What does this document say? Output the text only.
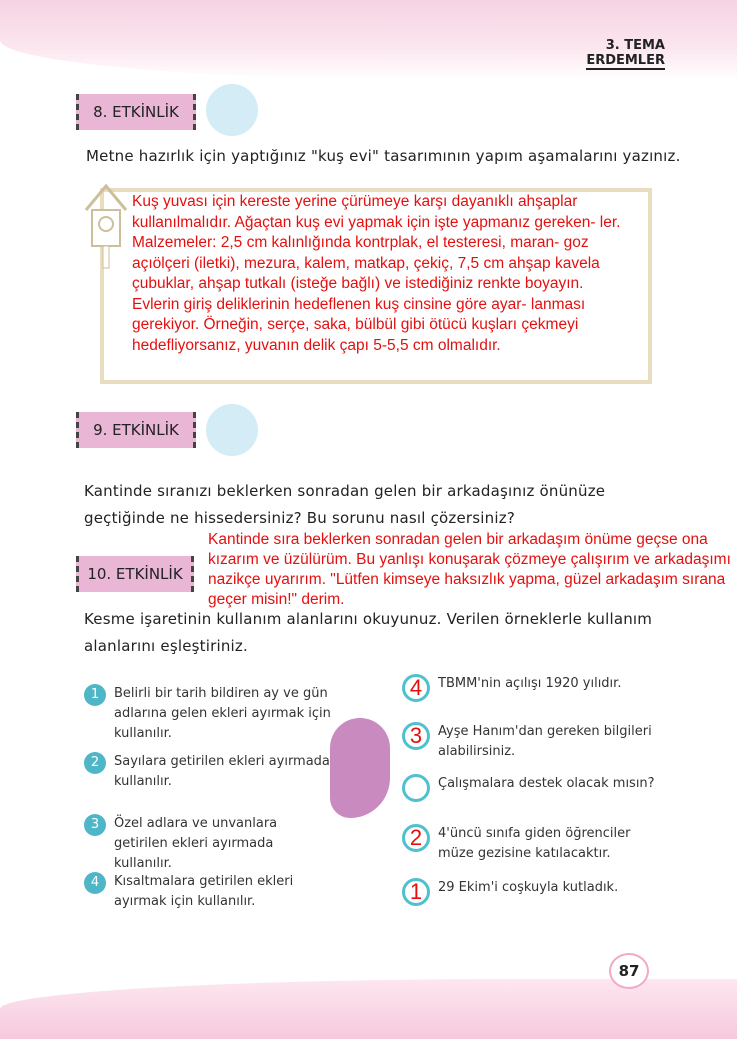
3. TEMA
ERDEMLER
8. ETKİNLİK
Metne hazırlık için yaptığınız "kuş evi" tasarımının yapım aşamalarını yazınız.
Kuş yuvası için kereste yerine çürümeye karşı dayanıklı ahşaplar kullanılmalıdır. Ağaçtan kuş evi yapmak için işte yapmanız gereken- ler. Malzemeler: 2,5 cm kalınlığında kontrplak, el testeresi, maran- goz açıölçeri (iletki), mezura, kalem, matkap, çekiç, 7,5 cm ahşap kavela çubuklar, ahşap tutkalı (isteğe bağlı) ve istediğiniz renkte boyayın. Evlerin giriş deliklerinin hedeflenen kuş cinsine göre ayar- lanması gerekiyor. Örneğin, serçe, saka, bülbül gibi ötücü kuşları çekmeyi hedefliyorsanız, yuvanın delik çapı 5-5,5 cm olmalıdır.
9. ETKİNLİK
Kantinde sıranızı beklerken sonradan gelen bir arkadaşınız önünüze geçtiğinde ne hissedersiniz? Bu sorunu nasıl çözersiniz?
Kantinde sıra beklerken sonradan gelen bir arkadaşım önüme geçse ona kızarım ve üzülürüm. Bu yanlışı konuşarak çözmeye çalışırım ve arkadaşımı nazikçe uyarırım. "Lütfen kimseye haksızlık yapma, güzel arkadaşım sırana geçer misin!" derim.
10. ETKİNLİK
Kesme işaretinin kullanım alanlarını okuyunuz. Verilen örneklerle kullanım alanlarını eşleştiriniz.
1	Belirli bir tarih bildiren ay ve gün adlarına gelen ekleri ayırmak için kullanılır.
2	Sayılara getirilen ekleri ayırmada kullanılır.
3	Özel adlara ve unvanlara getirilen ekleri ayırmada kullanılır.
4	Kısaltmalara getirilen ekleri ayırmak için kullanılır.
4	TBMM'nin açılışı 1920 yılıdır.
3	Ayşe Hanım'dan gereken bilgileri alabilirsiniz.
Çalışmalara destek olacak mısın?
2	4'üncü sınıfa giden öğrenciler müze gezisine katılacaktır.
1	29 Ekim'i coşkuyla kutladık.
87
